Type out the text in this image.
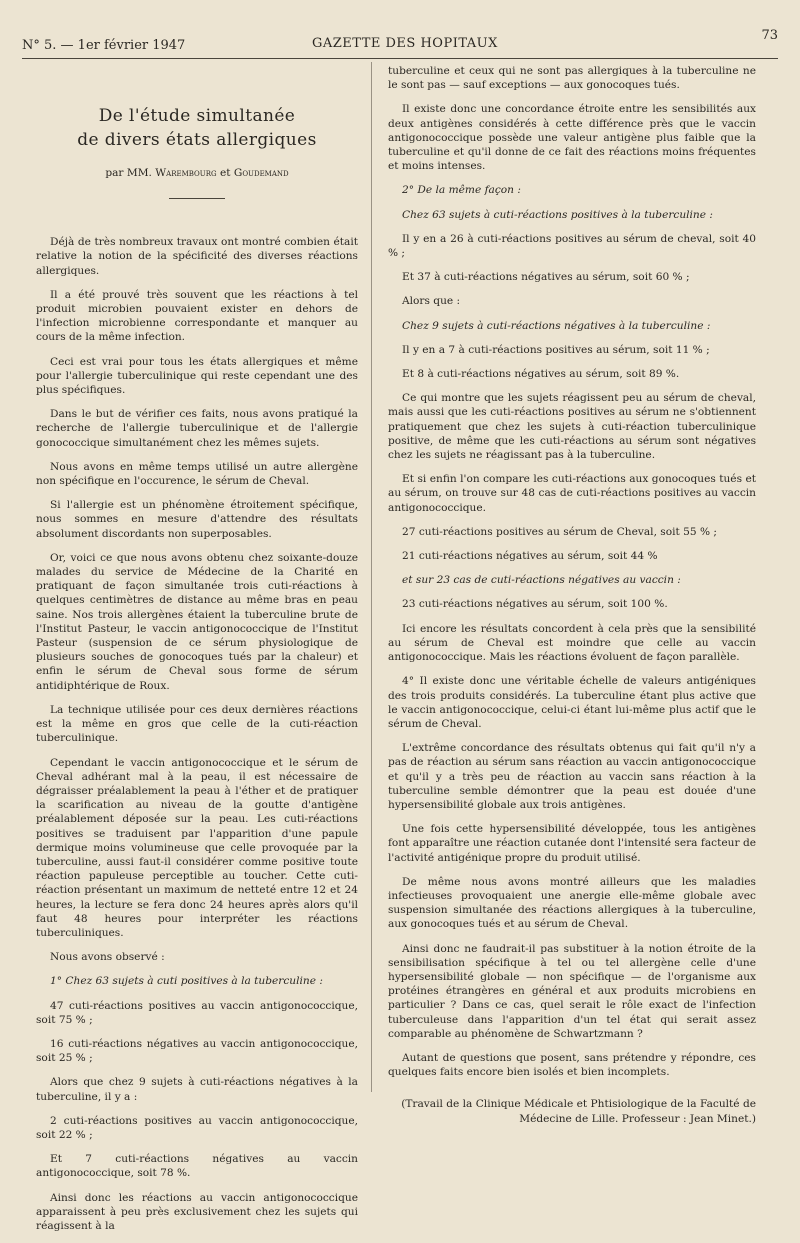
N° 5. — 1er février 1947	GAZETTE DES HOPITAUX
73
De l'étude simultanée
de divers états allergiques
par MM. Warembourg et Goudemand

Déjà de très nombreux travaux ont montré combien était relative la notion de la spécificité des diverses réactions allergiques.

Il a été prouvé très souvent que les réactions à tel produit microbien pouvaient exister en dehors de l'infection microbienne correspondante et manquer au cours de la même infection.

Ceci est vrai pour tous les états allergiques et même pour l'allergie tuberculinique qui reste cependant une des plus spécifiques.

Dans le but de vérifier ces faits, nous avons pratiqué la recherche de l'allergie tuberculinique et de l'allergie gonococcique simultanément chez les mêmes sujets.

Nous avons en même temps utilisé un autre allergène non spécifique en l'occurence, le sérum de Cheval.

Si l'allergie est un phénomène étroitement spécifique, nous sommes en mesure d'attendre des résultats absolument discordants non superposables.

Or, voici ce que nous avons obtenu chez soixante-douze malades du service de Médecine de la Charité en pratiquant de façon simultanée trois cuti-réactions à quelques centimètres de distance au même bras en peau saine. Nos trois allergènes étaient la tuberculine brute de l'Institut Pasteur, le vaccin antigonococcique de l'Institut Pasteur (suspension de ce sérum physiologique de plusieurs souches de gonocoques tués par la chaleur) et enfin le sérum de Cheval sous forme de sérum antidiphtérique de Roux.

La technique utilisée pour ces deux dernières réactions est la même en gros que celle de la cuti-réaction tuberculinique.

Cependant le vaccin antigonococcique et le sérum de Cheval adhérant mal à la peau, il est nécessaire de dégraisser préalablement la peau à l'éther et de pratiquer la scarification au niveau de la goutte d'antigène préalablement déposée sur la peau. Les cuti-réactions positives se traduisent par l'apparition d'une papule dermique moins volumineuse que celle provoquée par la tuberculine, aussi faut-il considérer comme positive toute réaction papuleuse perceptible au toucher. Cette cuti-réaction présentant un maximum de netteté entre 12 et 24 heures, la lecture se fera donc 24 heures après alors qu'il faut 48 heures pour interpréter les réactions tuberculiniques.

Nous avons observé :

1° Chez 63 sujets à cuti positives à la tuberculine :

47 cuti-réactions positives au vaccin antigonococcique, soit 75 % ;

16 cuti-réactions négatives au vaccin antigonococcique, soit 25 % ;

Alors que chez 9 sujets à cuti-réactions négatives à la tuberculine, il y a :

2 cuti-réactions positives au vaccin antigonococcique, soit 22 % ;

Et 7 cuti-réactions négatives au vaccin antigonococcique, soit 78 %.

Ainsi donc les réactions au vaccin antigonococcique apparaissent à peu près exclusivement chez les sujets qui réagissent à la

tuberculine et ceux qui ne sont pas allergiques à la tuberculine ne le sont pas — sauf exceptions — aux gonocoques tués.

Il existe donc une concordance étroite entre les sensibilités aux deux antigènes considérés à cette différence près que le vaccin antigonococcique possède une valeur antigène plus faible que la tuberculine et qu'il donne de ce fait des réactions moins fréquentes et moins intenses.

2° De la même façon :

Chez 63 sujets à cuti-réactions positives à la tuberculine :

Il y en a 26 à cuti-réactions positives au sérum de cheval, soit 40 % ;

Et 37 à cuti-réactions négatives au sérum, soit 60 % ;

Alors que :

Chez 9 sujets à cuti-réactions négatives à la tuberculine :

Il y en a 7 à cuti-réactions positives au sérum, soit 11 % ;

Et 8 à cuti-réactions négatives au sérum, soit 89 %.

Ce qui montre que les sujets réagissent peu au sérum de cheval, mais aussi que les cuti-réactions positives au sérum ne s'obtiennent pratiquement que chez les sujets à cuti-réaction tuberculinique positive, de même que les cuti-réactions au sérum sont négatives chez les sujets ne réagissant pas à la tuberculine.

Et si enfin l'on compare les cuti-réactions aux gonocoques tués et au sérum, on trouve sur 48 cas de cuti-réactions positives au vaccin antigonococcique.

27 cuti-réactions positives au sérum de Cheval, soit 55 % ;

21 cuti-réactions négatives au sérum, soit 44 %

et sur 23 cas de cuti-réactions négatives au vaccin :

23 cuti-réactions négatives au sérum, soit 100 %.

Ici encore les résultats concordent à cela près que la sensibilité au sérum de Cheval est moindre que celle au vaccin antigonococcique. Mais les réactions évoluent de façon parallèle.

4° Il existe donc une véritable échelle de valeurs antigéniques des trois produits considérés. La tuberculine étant plus active que le vaccin antigonococcique, celui-ci étant lui-même plus actif que le sérum de Cheval.

L'extrême concordance des résultats obtenus qui fait qu'il n'y a pas de réaction au sérum sans réaction au vaccin antigonococcique et qu'il y a très peu de réaction au vaccin sans réaction à la tuberculine semble démontrer que la peau est douée d'une hypersensibilité globale aux trois antigènes.

Une fois cette hypersensibilité développée, tous les antigènes font apparaître une réaction cutanée dont l'intensité sera facteur de l'activité antigénique propre du produit utilisé.

De même nous avons montré ailleurs que les maladies infectieuses provoquaient une anergie elle-même globale avec suspension simultanée des réactions allergiques à la tuberculine, aux gonocoques tués et au sérum de Cheval.

Ainsi donc ne faudrait-il pas substituer à la notion étroite de la sensibilisation spécifique à tel ou tel allergène celle d'une hypersensibilité globale — non spécifique — de l'organisme aux protéines étrangères en général et aux produits microbiens en particulier ? Dans ce cas, quel serait le rôle exact de l'infection tuberculeuse dans l'apparition d'un tel état qui serait assez comparable au phénomène de Schwartzmann ?

Autant de questions que posent, sans prétendre y répondre, ces quelques faits encore bien isolés et bien incomplets.

(Travail de la Clinique Médicale et Phtisiologique de la Faculté de Médecine de Lille. Professeur : Jean Minet.)
